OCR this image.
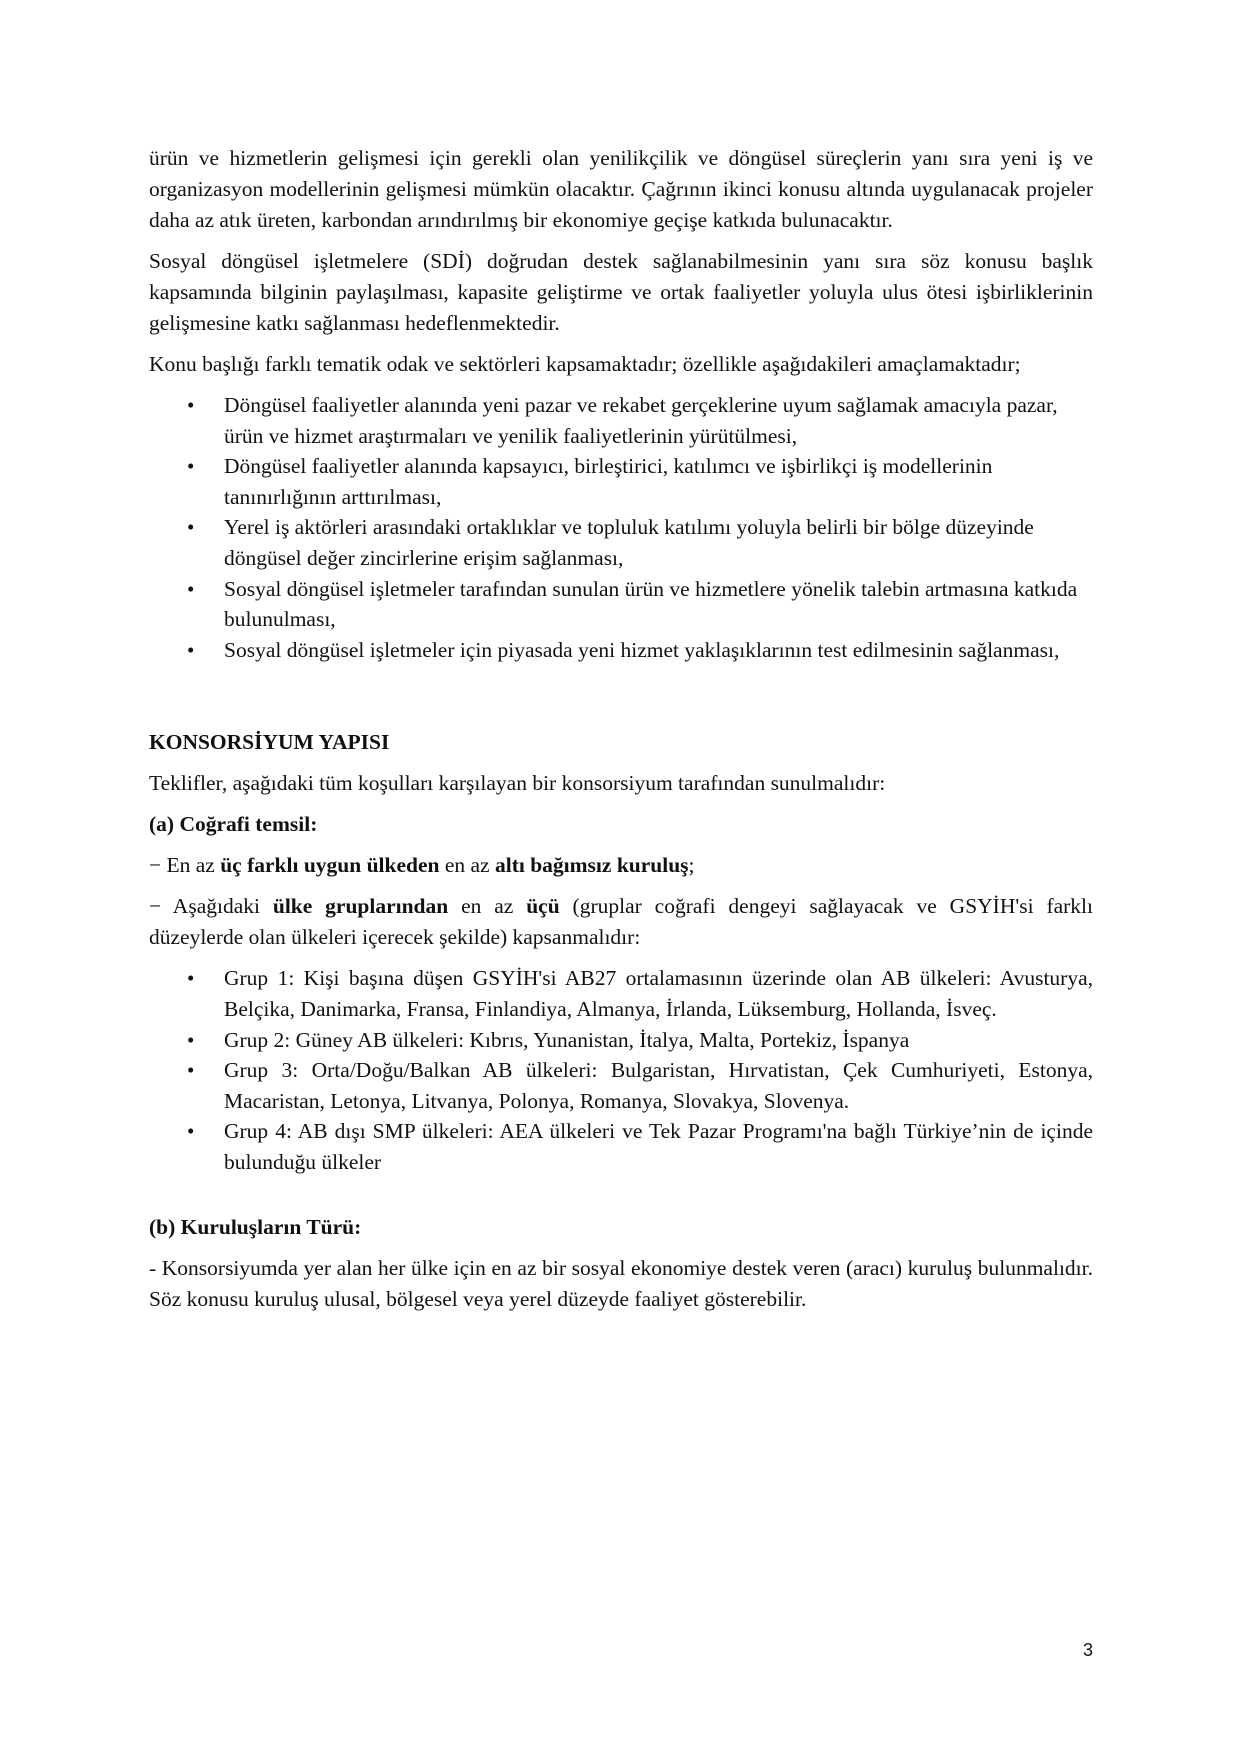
ürün ve hizmetlerin gelişmesi için gerekli olan yenilikçilik ve döngüsel süreçlerin yanı sıra yeni iş ve organizasyon modellerinin gelişmesi mümkün olacaktır. Çağrının ikinci konusu altında uygulanacak projeler daha az atık üreten, karbondan arındırılmış bir ekonomiye geçişe katkıda bulunacaktır.

Sosyal döngüsel işletmelere (SDİ) doğrudan destek sağlanabilmesinin yanı sıra söz konusu başlık kapsamında bilginin paylaşılması, kapasite geliştirme ve ortak faaliyetler yoluyla ulus ötesi işbirliklerinin gelişmesine katkı sağlanması hedeflenmektedir.

Konu başlığı farklı tematik odak ve sektörleri kapsamaktadır; özellikle aşağıdakileri amaçlamaktadır;

• Döngüsel faaliyetler alanında yeni pazar ve rekabet gerçeklerine uyum sağlamak amacıyla pazar, ürün ve hizmet araştırmaları ve yenilik faaliyetlerinin yürütülmesi,
• Döngüsel faaliyetler alanında kapsayıcı, birleştirici, katılımcı ve işbirlikçi iş modellerinin tanınırlığının arttırılması,
• Yerel iş aktörleri arasındaki ortaklıklar ve topluluk katılımı yoluyla belirli bir bölge düzeyinde döngüsel değer zincirlerine erişim sağlanması,
• Sosyal döngüsel işletmeler tarafından sunulan ürün ve hizmetlere yönelik talebin artmasına katkıda bulunulması,
• Sosyal döngüsel işletmeler için piyasada yeni hizmet yaklaşıklarının test edilmesinin sağlanması,

KONSORSİYUM YAPISI

Teklifler, aşağıdaki tüm koşulları karşılayan bir konsorsiyum tarafından sunulmalıdır:

(a) Coğrafi temsil:

− En az üç farklı uygun ülkeden en az altı bağımsız kuruluş;

− Aşağıdaki ülke gruplarından en az üçü (gruplar coğrafi dengeyi sağlayacak ve GSYİH'si farklı düzeylerde olan ülkeleri içerecek şekilde) kapsanmalıdır:

• Grup 1: Kişi başına düşen GSYİH'si AB27 ortalamasının üzerinde olan AB ülkeleri: Avusturya, Belçika, Danimarka, Fransa, Finlandiya, Almanya, İrlanda, Lüksemburg, Hollanda, İsveç.
• Grup 2: Güney AB ülkeleri: Kıbrıs, Yunanistan, İtalya, Malta, Portekiz, İspanya
• Grup 3: Orta/Doğu/Balkan AB ülkeleri: Bulgaristan, Hırvatistan, Çek Cumhuriyeti, Estonya, Macaristan, Letonya, Litvanya, Polonya, Romanya, Slovakya, Slovenya.
• Grup 4: AB dışı SMP ülkeleri: AEA ülkeleri ve Tek Pazar Programı'na bağlı Türkiye’nin de içinde bulunduğu ülkeler

(b) Kuruluşların Türü:

- Konsorsiyumda yer alan her ülke için en az bir sosyal ekonomiye destek veren (aracı) kuruluş bulunmalıdır. Söz konusu kuruluş ulusal, bölgesel veya yerel düzeyde faaliyet gösterebilir.

3
